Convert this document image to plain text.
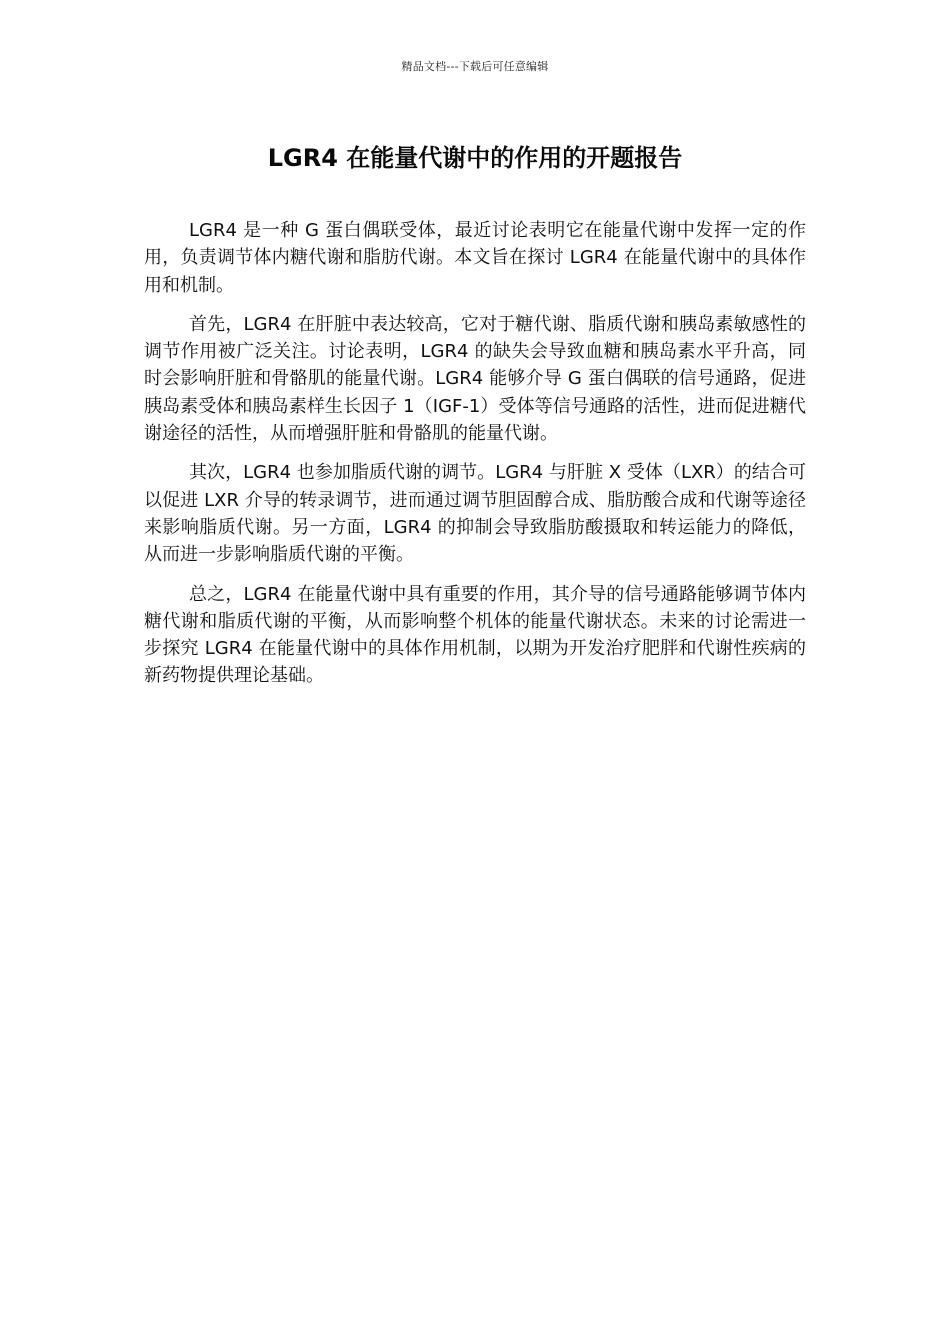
精品文档---下载后可任意编辑
LGR4 在能量代谢中的作用的开题报告

LGR4 是一种 G 蛋白偶联受体，最近讨论表明它在能量代谢中发挥一定的作用，负责调节体内糖代谢和脂肪代谢。本文旨在探讨 LGR4 在能量代谢中的具体作用和机制。

首先，LGR4 在肝脏中表达较高，它对于糖代谢、脂质代谢和胰岛素敏感性的调节作用被广泛关注。讨论表明，LGR4 的缺失会导致血糖和胰岛素水平升高，同时会影响肝脏和骨骼肌的能量代谢。LGR4 能够介导 G 蛋白偶联的信号通路，促进胰岛素受体和胰岛素样生长因子 1（IGF-1）受体等信号通路的活性，进而促进糖代谢途径的活性，从而增强肝脏和骨骼肌的能量代谢。

其次，LGR4 也参加脂质代谢的调节。LGR4 与肝脏 X 受体（LXR）的结合可以促进 LXR 介导的转录调节，进而通过调节胆固醇合成、脂肪酸合成和代谢等途径来影响脂质代谢。另一方面，LGR4 的抑制会导致脂肪酸摄取和转运能力的降低，从而进一步影响脂质代谢的平衡。

总之，LGR4 在能量代谢中具有重要的作用，其介导的信号通路能够调节体内糖代谢和脂质代谢的平衡，从而影响整个机体的能量代谢状态。未来的讨论需进一步探究 LGR4 在能量代谢中的具体作用机制，以期为开发治疗肥胖和代谢性疾病的新药物提供理论基础。
